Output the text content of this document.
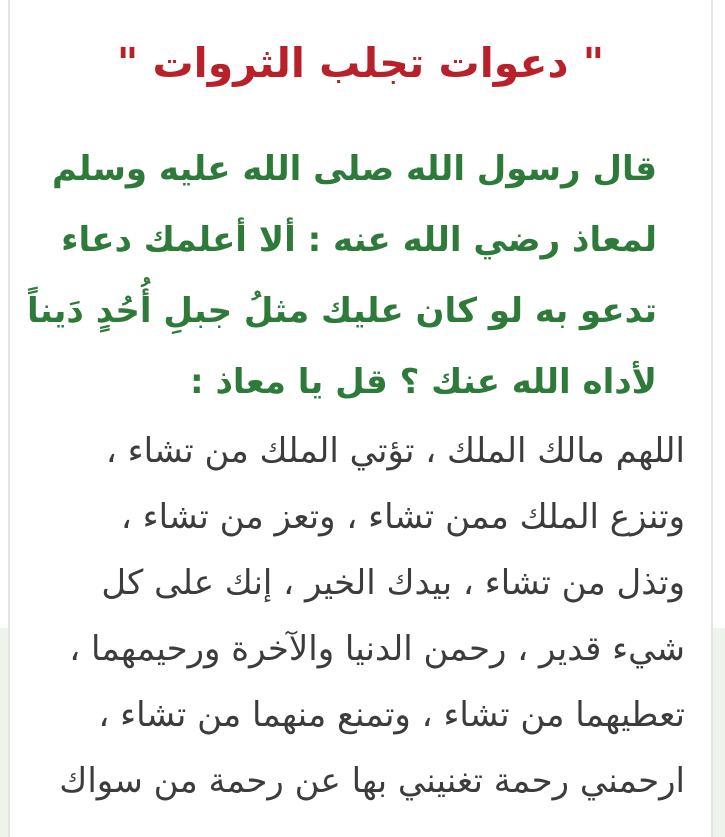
" دعوات تجلب الثروات "
قال رسول الله صلى الله عليه وسلم
لمعاذ رضي الله عنه : ألا أعلمك دعاء
تدعو به لو كان عليك مثلُ جبلِ أُحُدٍ دَيناً
لأداه الله عنك ؟ قل يا معاذ :
اللهم مالك الملك ، تؤتي الملك من تشاء ،
وتنزع الملك ممن تشاء ، وتعز من تشاء ،
وتذل من تشاء ، بيدك الخير ، إنك على كل
شيء قدير ، رحمن الدنيا والآخرة ورحيمهما ،
تعطيهما من تشاء ، وتمنع منهما من تشاء ،
ارحمني رحمة تغنيني بها عن رحمة من سواك
